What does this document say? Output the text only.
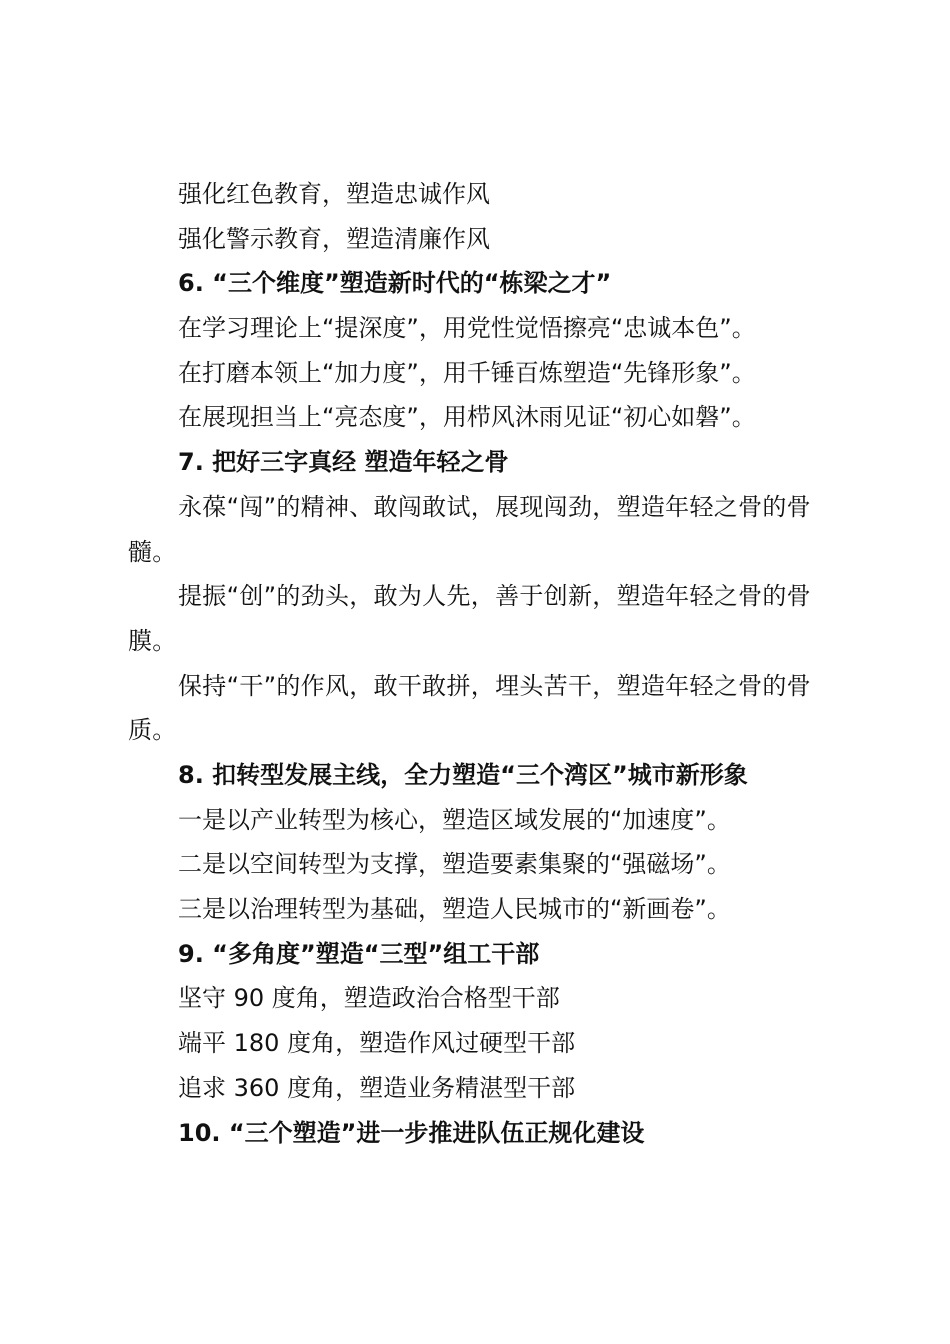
强化红色教育，塑造忠诚作风
强化警示教育，塑造清廉作风
6. “三个维度”塑造新时代的“栋梁之才”
在学习理论上“提深度”，用党性觉悟擦亮“忠诚本色”。
在打磨本领上“加力度”，用千锤百炼塑造“先锋形象”。
在展现担当上“亮态度”，用栉风沐雨见证“初心如磐”。
7. 把好三字真经 塑造年轻之骨
永葆“闯”的精神、敢闯敢试，展现闯劲，塑造年轻之骨的骨髓。
提振“创”的劲头，敢为人先，善于创新，塑造年轻之骨的骨膜。
保持“干”的作风，敢干敢拼，埋头苦干，塑造年轻之骨的骨质。
8. 扣转型发展主线，全力塑造“三个湾区”城市新形象
一是以产业转型为核心，塑造区域发展的“加速度”。
二是以空间转型为支撑，塑造要素集聚的“强磁场”。
三是以治理转型为基础，塑造人民城市的“新画卷”。
9. “多角度”塑造“三型”组工干部
坚守 90 度角，塑造政治合格型干部
端平 180 度角，塑造作风过硬型干部
追求 360 度角，塑造业务精湛型干部
10. “三个塑造”进一步推进队伍正规化建设
